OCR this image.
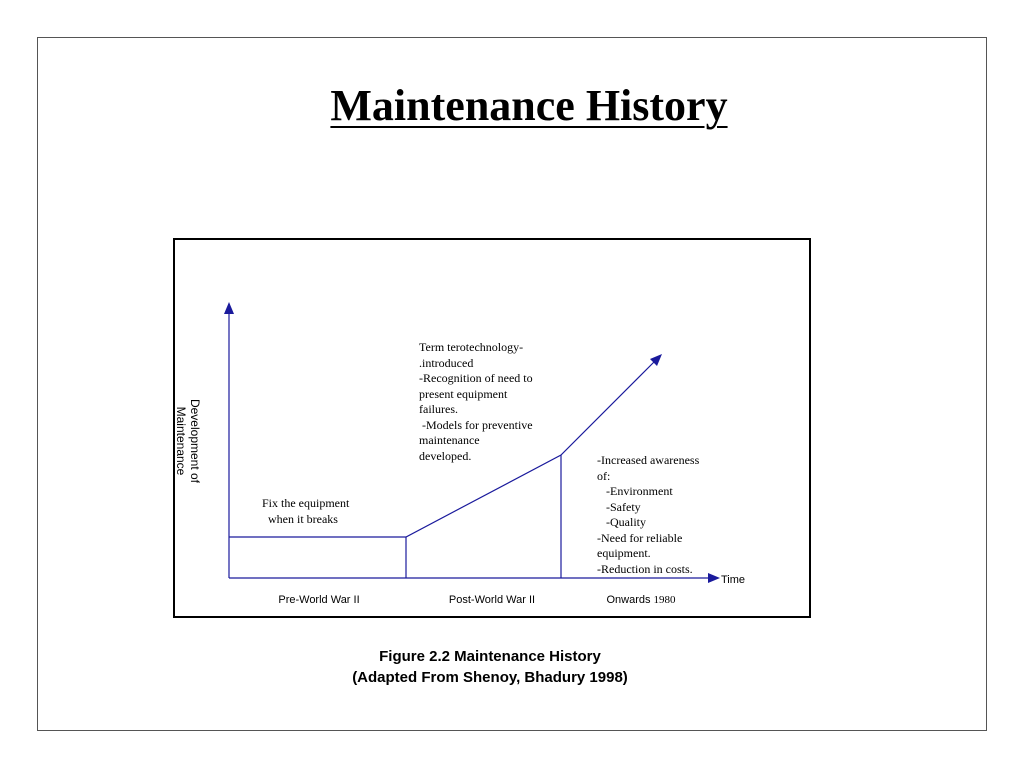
Maintenance History
Development of
Maintenance
Fix the equipment
when it breaks
Term terotechnology-
.introduced
-Recognition of need to
present equipment
failures.
-Models for preventive
maintenance
developed.	-Increased awareness
of:
-Environment
-Safety
-Quality
-Need for reliable
equipment.
-Reduction in costs.
Time
Pre-World War II	Post-World War II	Onwards 1980
Figure 2.2 Maintenance History
(Adapted From Shenoy, Bhadury 1998)
